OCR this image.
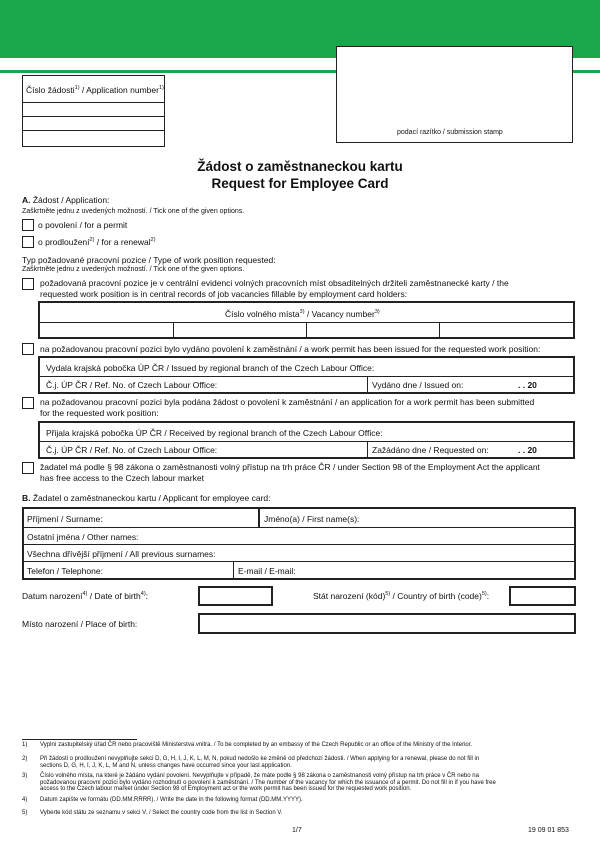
Číslo žádosti$^{1)}$ / Application number$^{1)}$
podací razítko / submission stamp
Žádost o zaměstnaneckou kartu
Request for Employee Card
A. Žádost / Application:
Zaškrtněte jednu z uvedených možností. / Tick one of the given options.
o povolení / for a permit
o prodloužení$^{2)}$ / for a renewal$^{2)}$
Typ požadované pracovní pozice / Type of work position requested:
Zaškrtněte jednu z uvedených možností. / Tick one of the given options.
požadovaná pracovní pozice je v centrální evidenci volných pracovních míst obsaditelných držiteli zaměstnanecké karty / the
requested work position is in central records of job vacancies fillable by employment card holders:
Číslo volného místa$^{3)}$ / Vacancy number$^{3)}$
na požadovanou pracovní pozici bylo vydáno povolení k zaměstnání / a work permit has been issued for the requested work position:
Vydala krajská pobočka ÚP ČR / Issued by regional branch of the Czech Labour Office:
Č.j. ÚP ČR / Ref. No. of Czech Labour Office:	Vydáno dne / Issued on:	. . 20
na požadovanou pracovní pozici byla podána žádost o povolení k zaměstnání / an application for a work permit has been submitted
for the requested work position:
Přijala krajská pobočka ÚP ČR / Received by regional branch of the Czech Labour Office:
Č.j. ÚP ČR / Ref. No. of Czech Labour Office:	Zažádáno dne / Requested on:	. . 20
žadatel má podle § 98 zákona o zaměstnanosti volný přístup na trh práce ČR / under Section 98 of the Employment Act the applicant
has free access to the Czech labour market
B. Žadatel o zaměstnaneckou kartu / Applicant for employee card:
Příjmení / Surname:	Jméno(a) / First name(s):
Ostatní jména / Other names:
Všechna dřívější příjmení / All previous surnames:
Telefon / Telephone:	E-mail / E-mail:
Datum narození$^{4)}$ / Date of birth$^{4)}$:	Stát narození (kód)$^{5)}$ / Country of birth (code)$^{5)}$:
Místo narození / Place of birth:
1) Vyplní zastupitelský úřad ČR nebo pracoviště Ministerstva vnitra. / To be completed by an embassy of the Czech Republic or an office of the Ministry of the Interior.
2) Při žádosti o prodloužení nevyplňujte sekci D, G, H, I, J, K, L, M, N, pokud nedošlo ke změně od předchozí žádosti. / When applying for a renewal, please do not fill in
sections D, G, H, I, J, K, L, M and N, unless changes have occurred since your last application.
3) Číslo volného místa, na které je žádáno vydání povolení. Nevyplňujte v případě, že máte podle § 98 zákona o zaměstnanosti volný přístup na trh práce v ČR nebo na
požadovanou pracovní pozici bylo vydáno rozhodnutí o povolení k zaměstnání. / The number of the vacancy for which the issuance of a permit. Do not fill in if you have free
access to the Czech labour market under Section 98 of Employment act or the work permit has been issued for the requested work position.
4) Datum zapište ve formátu (DD.MM.RRRR). / Write the date in the following format (DD.MM.YYYY).
5) Vyberte kód státu ze seznamu v sekci V. / Select the country code from the list in Section V.
1/7	19 09 01 853
